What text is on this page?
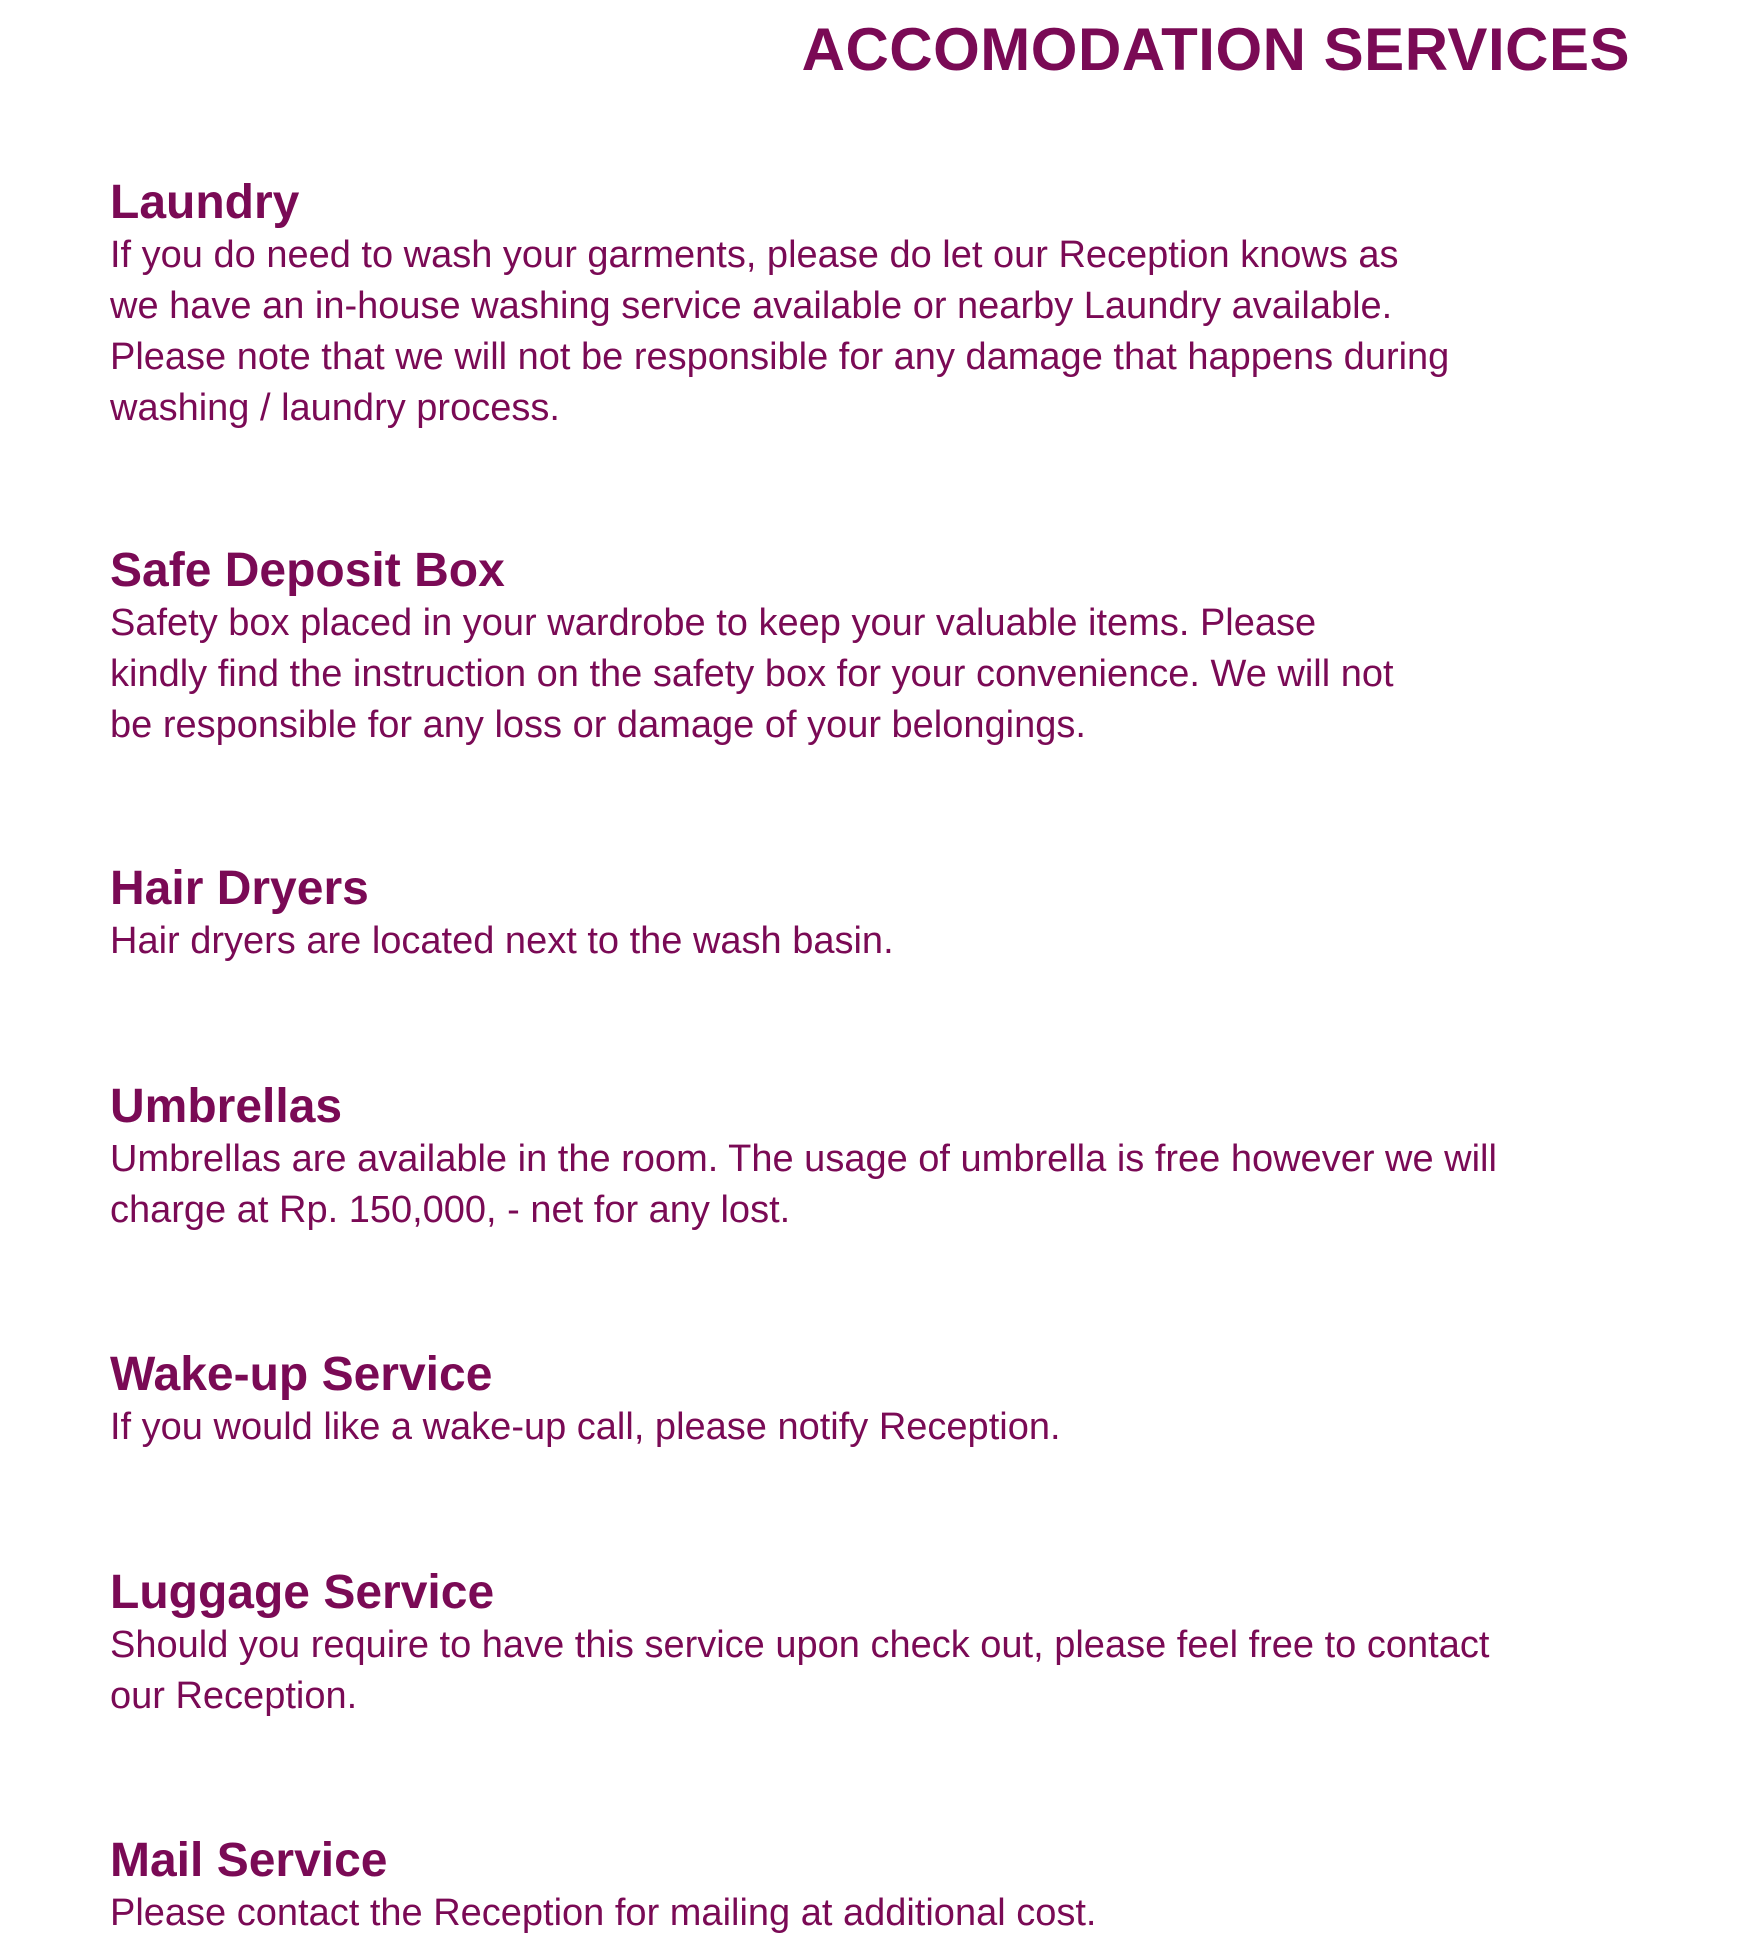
ACCOMODATION SERVICES
Laundry
If you do need to wash your garments, please do let our Reception knows as
we have an in-house washing service available or nearby Laundry available.
Please note that we will not be responsible for any damage that happens during
washing / laundry process.
Safe Deposit Box
Safety box placed in your wardrobe to keep your valuable items. Please
kindly find the instruction on the safety box for your convenience. We will not
be responsible for any loss or damage of your belongings.
Hair Dryers
Hair dryers are located next to the wash basin.
Umbrellas
Umbrellas are available in the room. The usage of umbrella is free however we will
charge at Rp. 150,000, - net for any lost.
Wake-up Service
If you would like a wake-up call, please notify Reception.
Luggage Service
Should you require to have this service upon check out, please feel free to contact
our Reception.
Mail Service
Please contact the Reception for mailing at additional cost.
